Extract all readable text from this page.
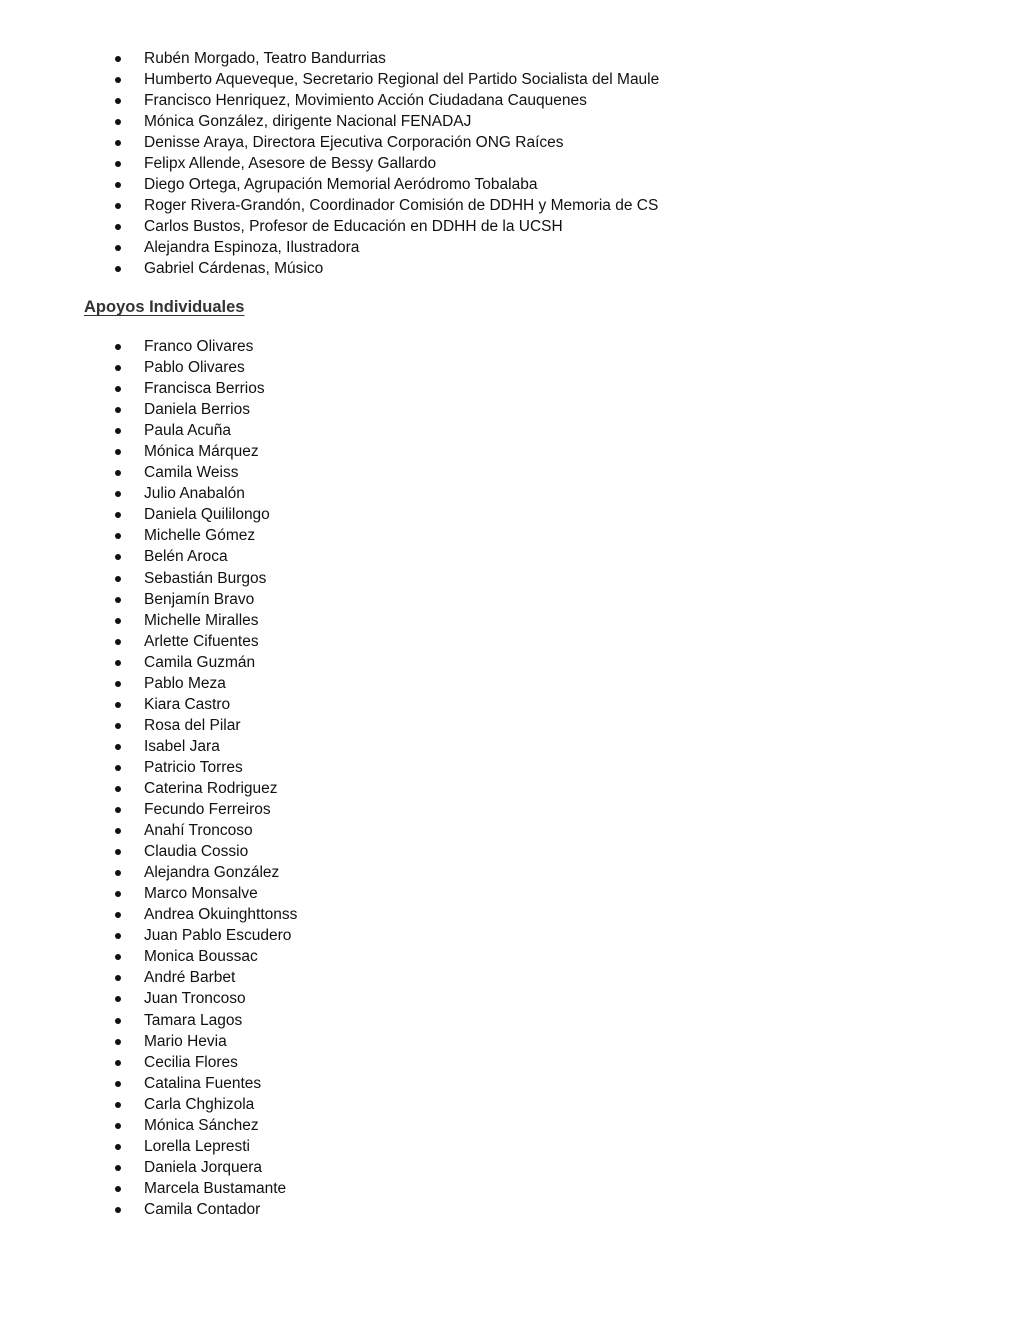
Rubén Morgado, Teatro Bandurrias
Humberto Aqueveque, Secretario Regional del Partido Socialista del Maule
Francisco Henriquez, Movimiento Acción Ciudadana Cauquenes
Mónica González, dirigente Nacional FENADAJ
Denisse Araya, Directora Ejecutiva Corporación ONG Raíces
Felipx Allende, Asesore de Bessy Gallardo
Diego Ortega, Agrupación Memorial Aeródromo Tobalaba
Roger Rivera-Grandón, Coordinador Comisión de DDHH y Memoria de CS
Carlos Bustos, Profesor de Educación en DDHH de la UCSH
Alejandra Espinoza, Ilustradora
Gabriel Cárdenas, Músico
Apoyos Individuales
Franco Olivares
Pablo Olivares
Francisca Berrios
Daniela Berrios
Paula Acuña
Mónica Márquez
Camila Weiss
Julio Anabalón
Daniela Quililongo
Michelle Gómez
Belén Aroca
Sebastián Burgos
Benjamín Bravo
Michelle Miralles
Arlette Cifuentes
Camila Guzmán
Pablo Meza
Kiara Castro
Rosa del Pilar
Isabel Jara
Patricio Torres
Caterina Rodriguez
Fecundo Ferreiros
Anahí Troncoso
Claudia Cossio
Alejandra González
Marco Monsalve
Andrea Okuinghttonss
Juan Pablo Escudero
Monica Boussac
André Barbet
Juan Troncoso
Tamara Lagos
Mario Hevia
Cecilia Flores
Catalina Fuentes
Carla Chghizola
Mónica Sánchez
Lorella Lepresti
Daniela Jorquera
Marcela Bustamante
Camila Contador
